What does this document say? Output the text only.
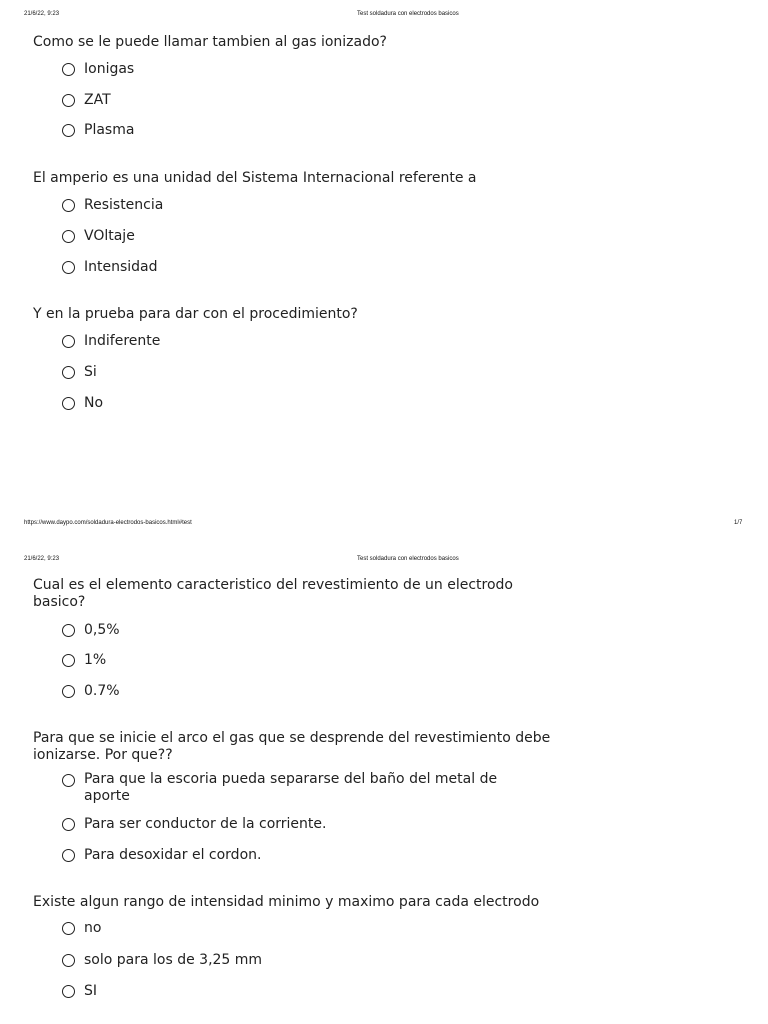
21/6/22, 9:23	Test soldadura con electrodos basicos
Como se le puede llamar tambien al gas ionizado?
Ionigas
ZAT
Plasma
El amperio es una unidad del Sistema Internacional referente a
Resistencia
VOltaje
Intensidad
Y en la prueba para dar con el procedimiento?
Indiferente
Si
No
https://www.daypo.com/soldadura-electrodos-basicos.html#test	1/7
21/6/22, 9:23	Test soldadura con electrodos basicos
Cual es el elemento caracteristico del revestimiento de un electrodo basico?
0,5%
1%
0.7%
Para que se inicie el arco el gas que se desprende del revestimiento debe ionizarse. Por que??
Para que la escoria pueda separarse del baño del metal de aporte
Para ser conductor de la corriente.
Para desoxidar el cordon.
Existe algun rango de intensidad minimo y maximo para cada electrodo
no
solo para los de 3,25 mm
SI
